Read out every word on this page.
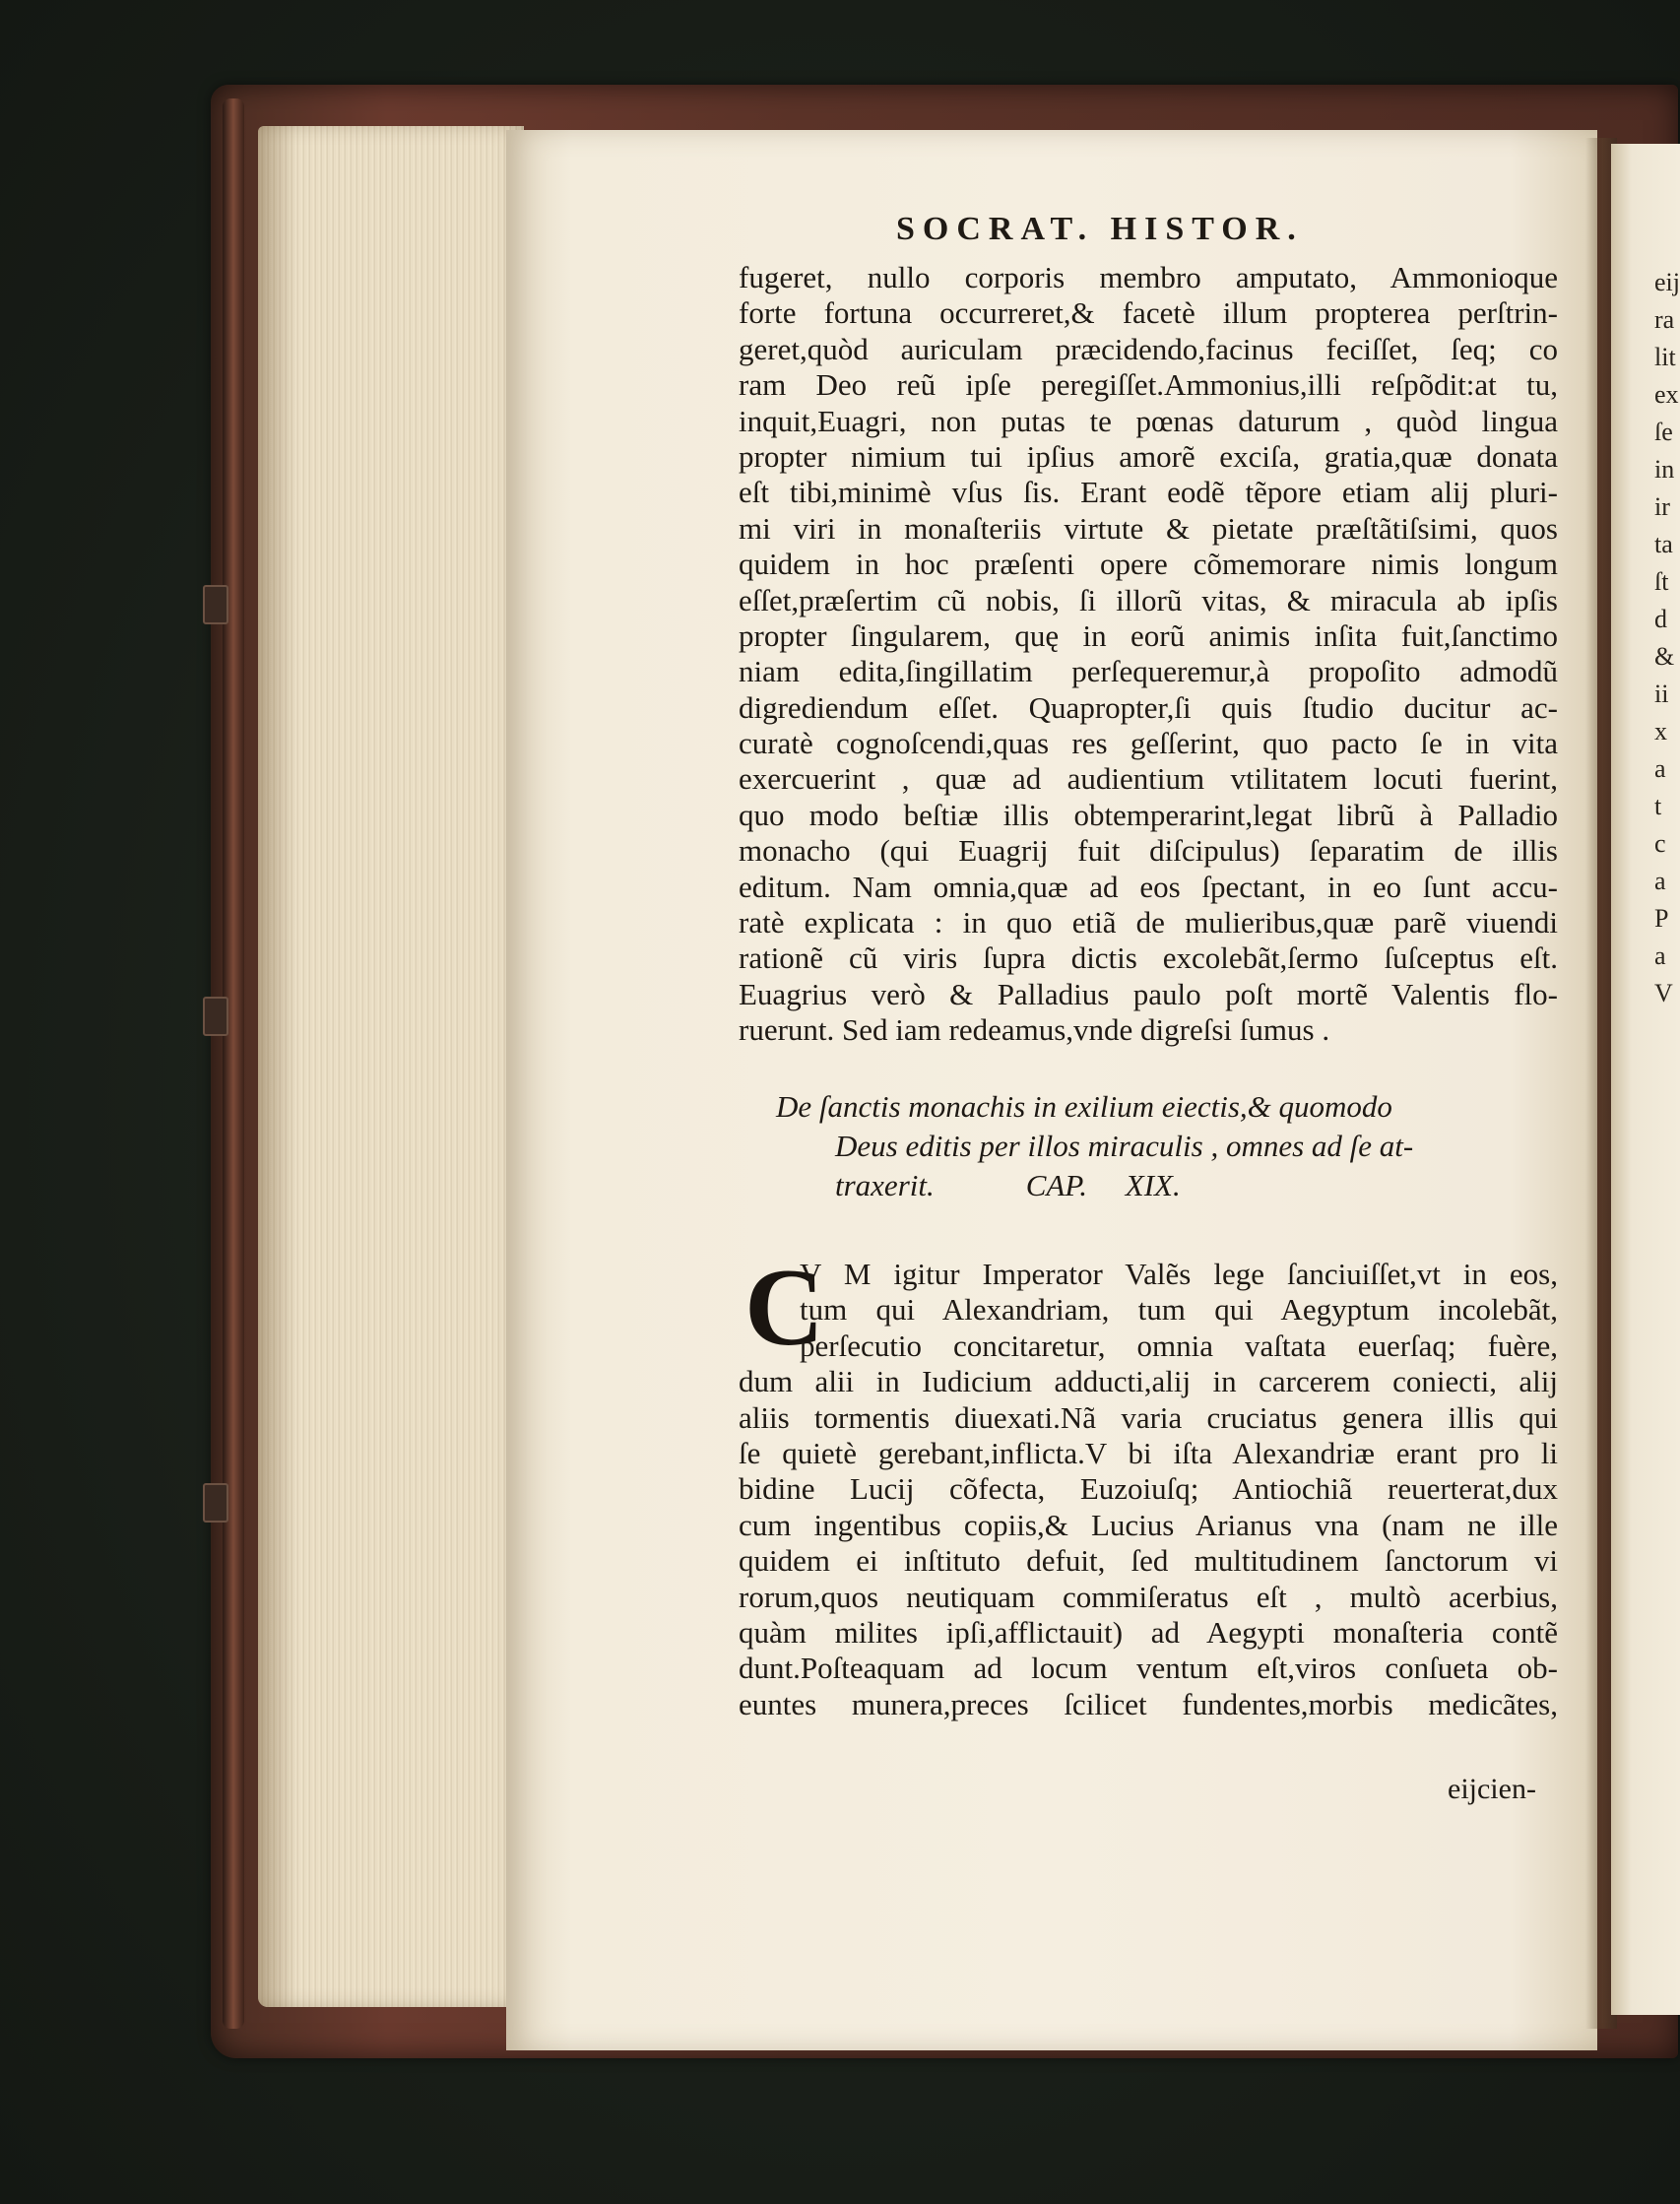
eij
ra
lit
ex
ſe
in
ir
ta
ſt
d
&
ii
x
a
t
c
a
P
a
V
SOCRAT. HISTOR.
fugeret, nullo corporis membro amputato, Ammonioque
forte fortuna occurreret,& facetè illum propterea perſtrin-
geret,quòd auriculam præcidendo,facinus feciſſet, ſeq; co
ram Deo reũ ipſe peregiſſet.Ammonius,illi reſpõdit:at tu,
inquit,Euagri, non putas te pœnas daturum , quòd lingua
propter nimium tui ipſius amorẽ exciſa, gratia,quæ donata
eſt tibi,minimè vſus ſis. Erant eodẽ tẽpore etiam alij pluri-
mi viri in monaſteriis virtute & pietate præſtãtiſsimi, quos
quidem in hoc præſenti opere cõmemorare nimis longum
eſſet,præſertim cũ nobis, ſi illorũ vitas, & miracula ab ipſis
propter ſingularem, quę in eorũ animis inſita fuit,ſanctimo
niam edita,ſingillatim perſequeremur,à propoſito admodũ
digrediendum eſſet. Quapropter,ſi quis ſtudio ducitur ac-
curatè cognoſcendi,quas res geſſerint, quo pacto ſe in vita
exercuerint , quæ ad audientium vtilitatem locuti fuerint,
quo modo beſtiæ illis obtemperarint,legat librũ à Palladio
monacho (qui Euagrij fuit diſcipulus) ſeparatim de illis
editum. Nam omnia,quæ ad eos ſpectant, in eo ſunt accu-
ratè explicata : in quo etiã de mulieribus,quæ parẽ viuendi
rationẽ cũ viris ſupra dictis excolebãt,ſermo ſuſceptus eſt.
Euagrius verò & Palladius paulo poſt mortẽ Valentis flo-
ruerunt. Sed iam redeamus,vnde digreſsi ſumus .
De ſanctis monachis in exilium eiectis,& quomodo
Deus editis per illos miraculis , omnes ad ſe at-
traxerit.            CAP.     XIX.
C
V M igitur Imperator Valẽs lege ſanciuiſſet,vt in eos,
tum qui Alexandriam, tum qui Aegyptum incolebãt,
perſecutio concitaretur, omnia vaſtata euerſaq; fuère,
dum alii in Iudicium adducti,alij in carcerem coniecti, alij
aliis tormentis diuexati.Nã varia cruciatus genera illis qui
ſe quietè gerebant,inflicta.V bi iſta Alexandriæ erant pro li
bidine Lucij cõfecta, Euzoiuſq; Antiochiã reuerterat,dux
cum ingentibus copiis,& Lucius Arianus vna (nam ne ille
quidem ei inſtituto defuit, ſed multitudinem ſanctorum vi
rorum,quos neutiquam commiſeratus eſt , multò acerbius,
quàm milites ipſi,afflictauit) ad Aegypti monaſteria contẽ
dunt.Poſteaquam ad locum ventum eſt,viros conſueta ob-
euntes munera,preces ſcilicet fundentes,morbis medicãtes,
eijcien-
